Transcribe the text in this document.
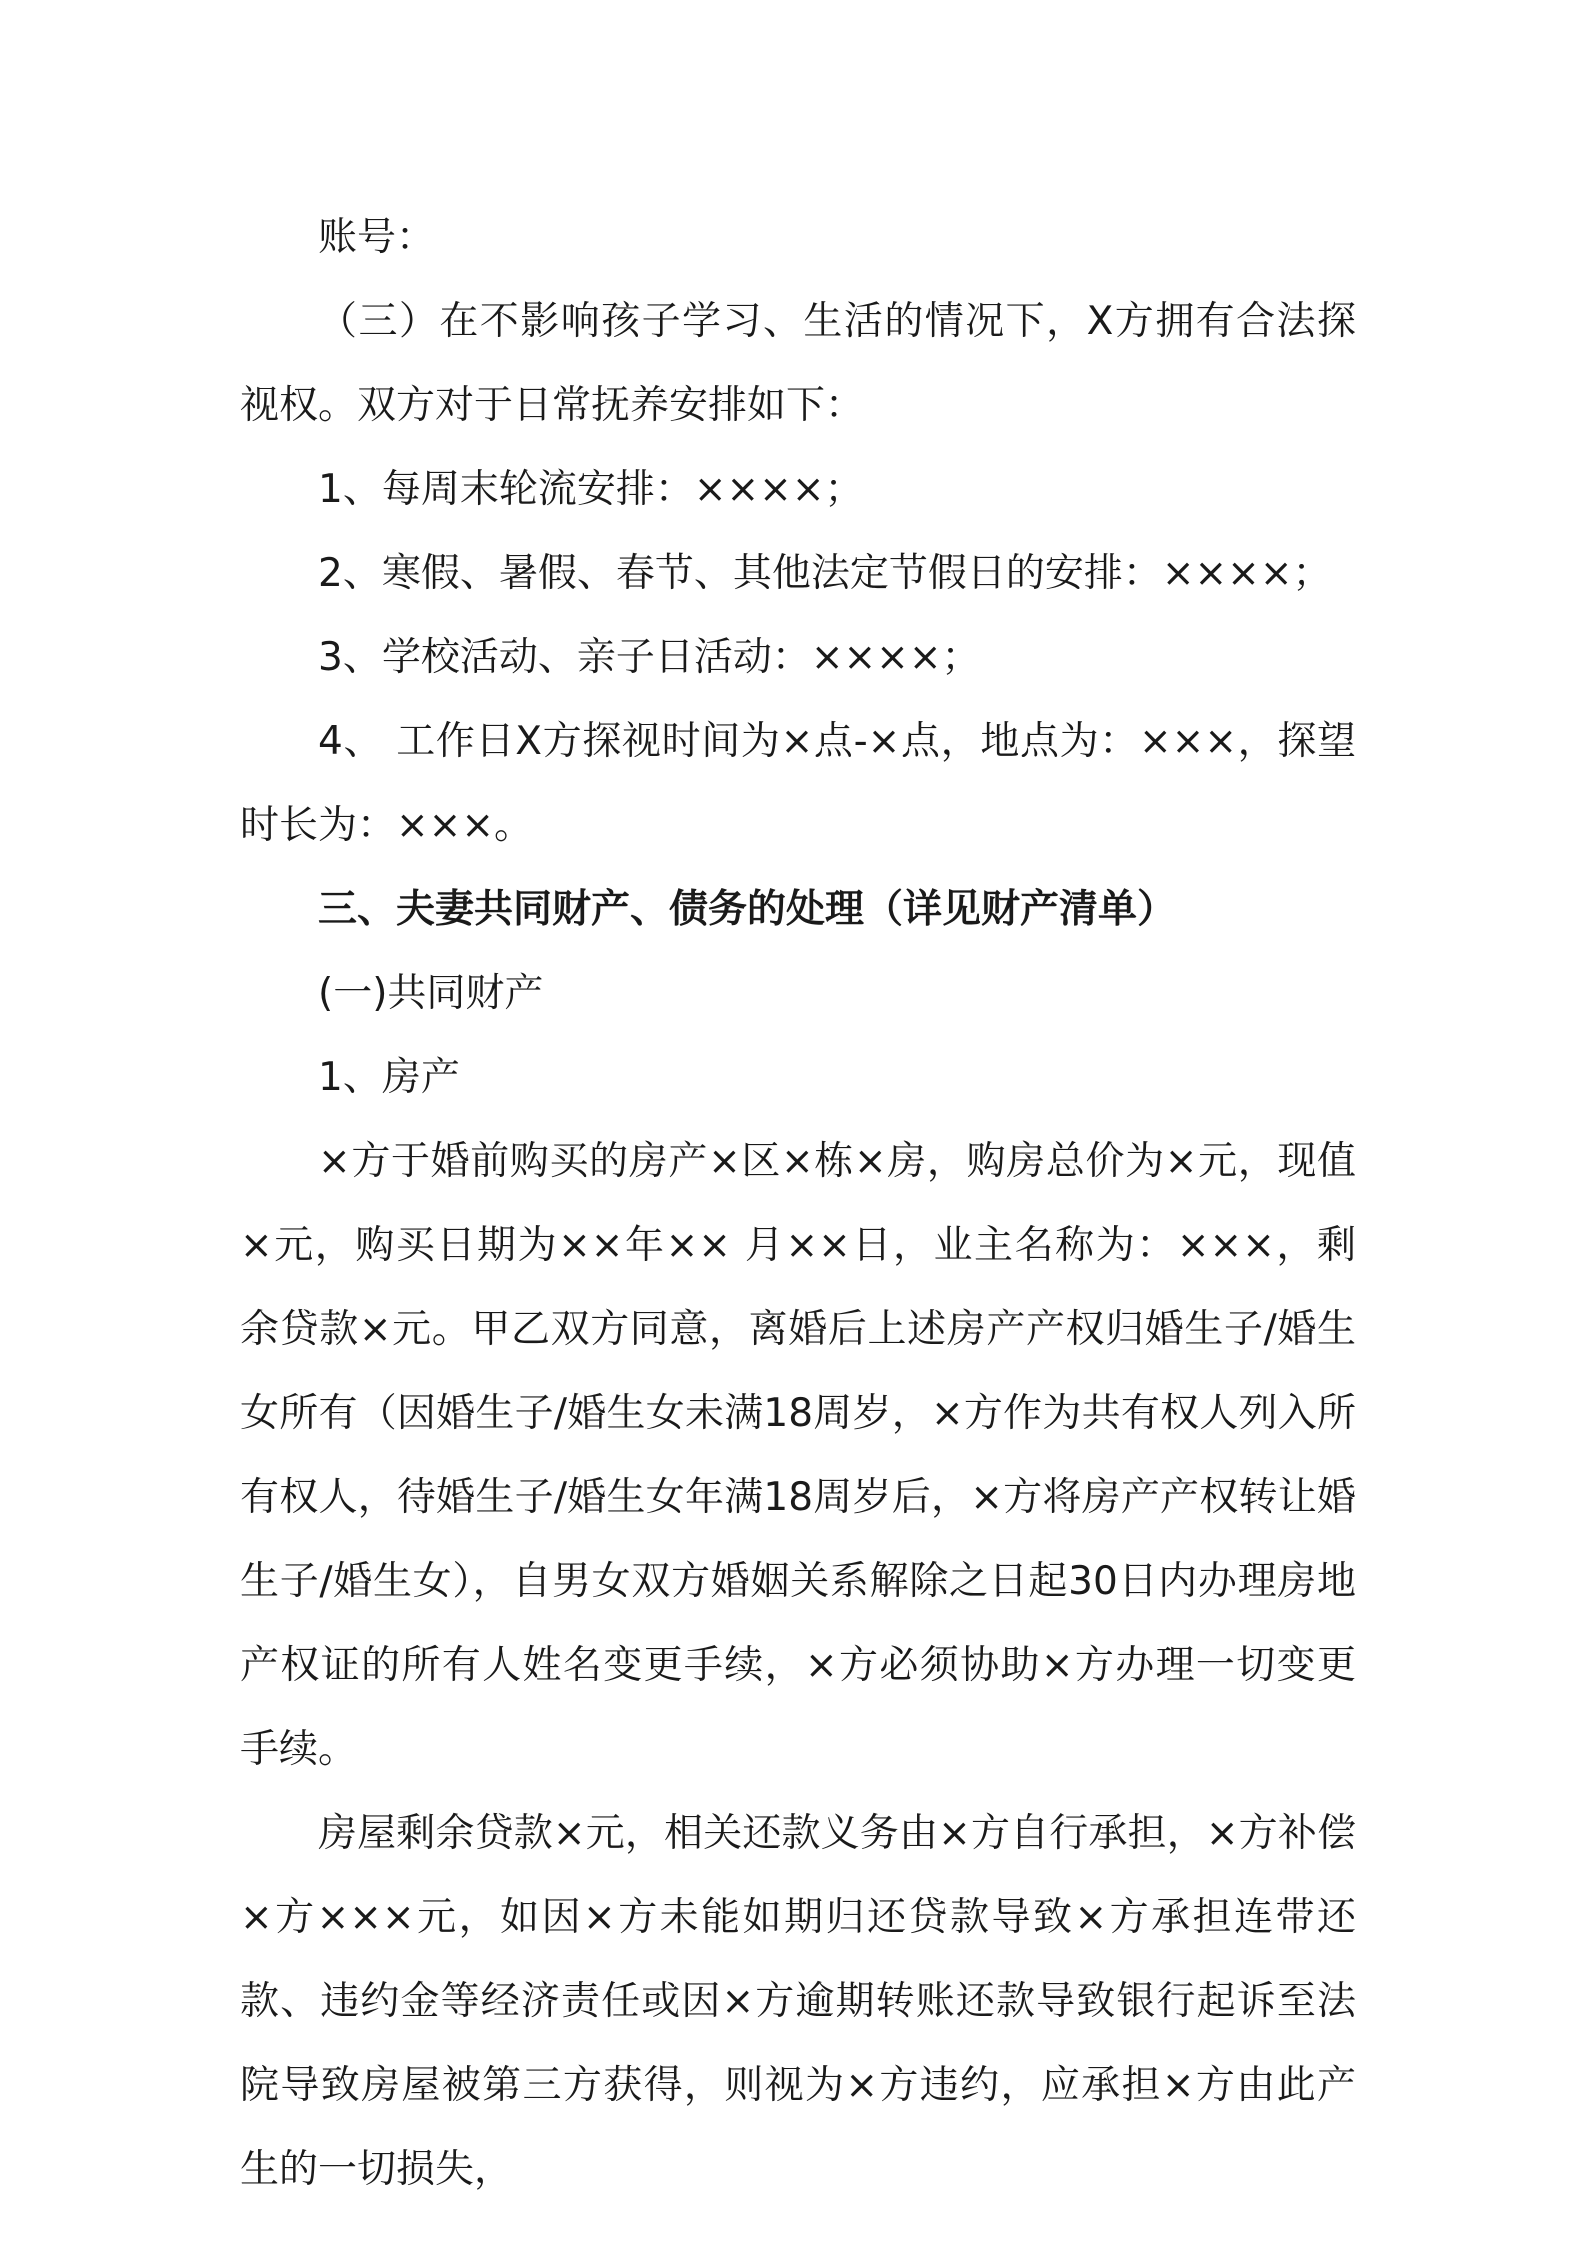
账号：

（三）在不影响孩子学习、生活的情况下，X方拥有合法探视权。双方对于日常抚养安排如下：

1、每周末轮流安排：××××；

2、寒假、暑假、春节、其他法定节假日的安排：××××；

3、学校活动、亲子日活动：××××；

4、 工作日X方探视时间为×点-×点，地点为：×××，探望时长为：×××。

三、夫妻共同财产、债务的处理（详见财产清单）

(一)共同财产

1、房产

×方于婚前购买的房产×区×栋×房，购房总价为×元，现值×元，购买日期为××年×× 月××日，业主名称为：×××，剩余贷款×元。甲乙双方同意，离婚后上述房产产权归婚生子/婚生女所有（因婚生子/婚生女未满18周岁，×方作为共有权人列入所有权人，待婚生子/婚生女年满18周岁后，×方将房产产权转让婚生子/婚生女），自男女双方婚姻关系解除之日起30日内办理房地产权证的所有人姓名变更手续，×方必须协助×方办理一切变更手续。

房屋剩余贷款×元，相关还款义务由×方自行承担，×方补偿×方×××元，如因×方未能如期归还贷款导致×方承担连带还款、违约金等经济责任或因×方逾期转账还款导致银行起诉至法院导致房屋被第三方获得，则视为×方违约，应承担×方由此产生的一切损失，
